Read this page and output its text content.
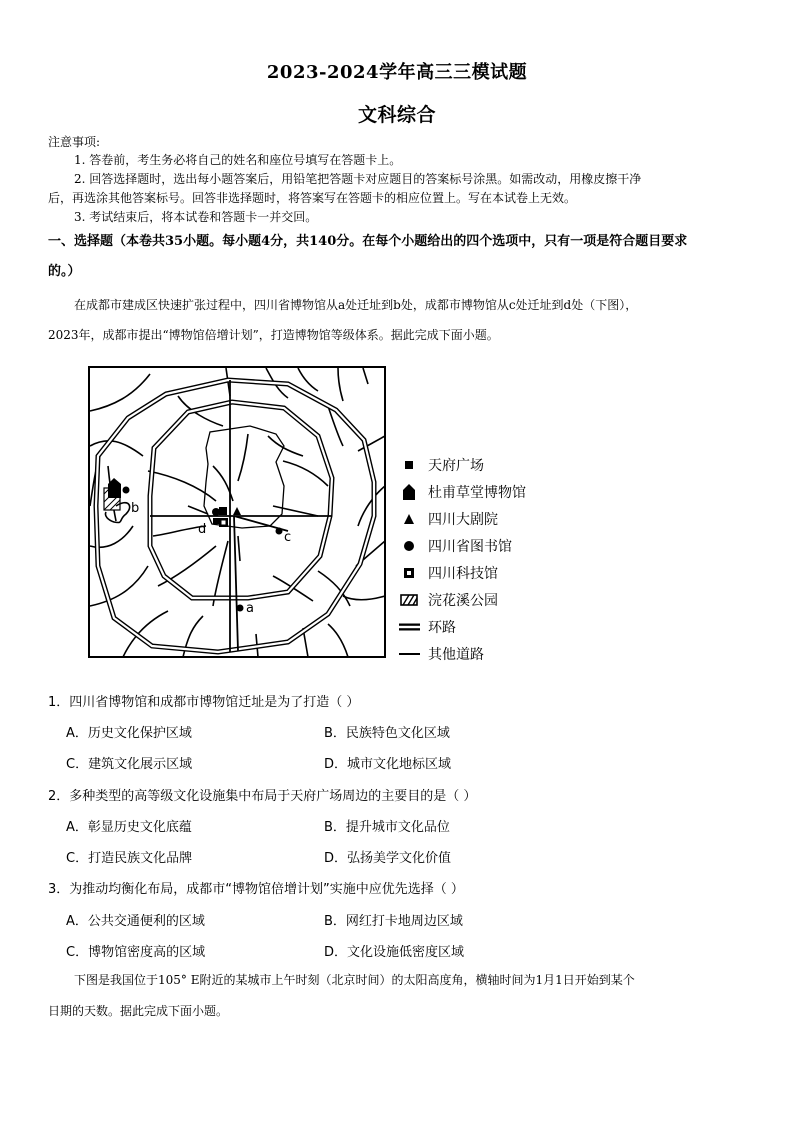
2023-2024学年高三三模试题
文科综合
注意事项:
1. 答卷前，考生务必将自己的姓名和座位号填写在答题卡上。
2. 回答选择题时，选出每小题答案后，用铅笔把答题卡对应题目的答案标号涂黑。如需改动，用橡皮擦干净
后，再选涂其他答案标号。回答非选择题时，将答案写在答题卡的相应位置上。写在本试卷上无效。
3. 考试结束后，将本试卷和答题卡一并交回。
一、选择题（本卷共35小题。每小题4分，共140分。在每个小题给出的四个选项中，只有一项是符合题目要求
的。）
在成都市建成区快速扩张过程中，四川省博物馆从a处迁址到b处，成都市博物馆从c处迁址到d处（下图），
2023年，成都市提出“博物馆倍增计划”，打造博物馆等级体系。据此完成下面小题。
b
d
c
a
天府广场
杜甫草堂博物馆
四川大剧院
四川省图书馆
四川科技馆
浣花溪公园
环路
其他道路
1．四川省博物馆和成都市博物馆迁址是为了打造（ ）
A．历史文化保护区域	B．民族特色文化区域
C．建筑文化展示区域	D．城市文化地标区域
2．多种类型的高等级文化设施集中布局于天府广场周边的主要目的是（ ）
A．彰显历史文化底蕴	B．提升城市文化品位
C．打造民族文化品牌	D．弘扬美学文化价值
3．为推动均衡化布局，成都市“博物馆倍增计划”实施中应优先选择（ ）
A．公共交通便利的区域	B．网红打卡地周边区域
C．博物馆密度高的区域	D．文化设施低密度区域
下图是我国位于105° E附近的某城市上午时刻（北京时间）的太阳高度角，横轴时间为1月1日开始到某个
日期的天数。据此完成下面小题。
